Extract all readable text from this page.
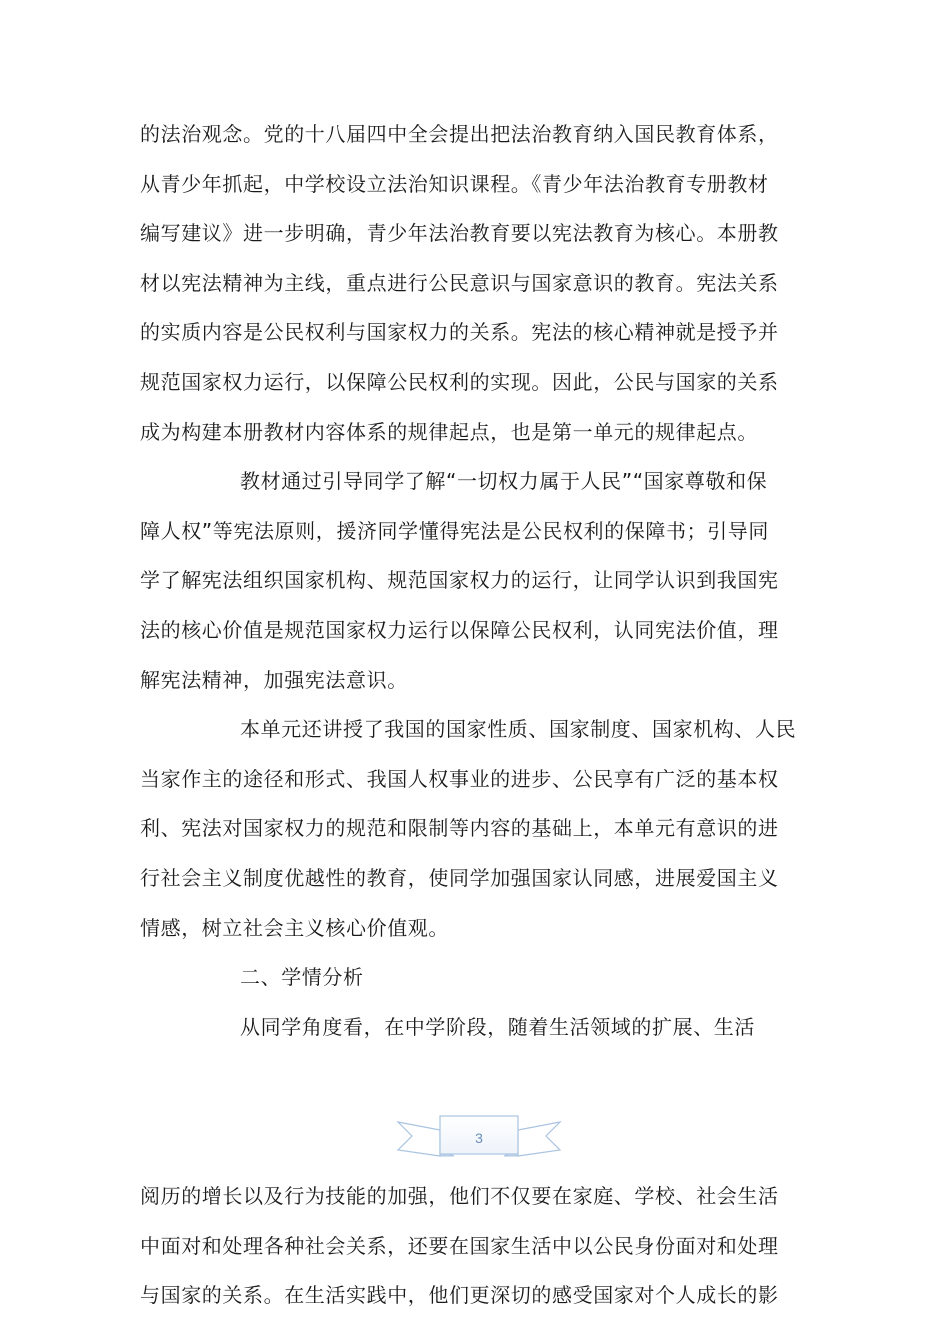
的法治观念。党的十八届四中全会提出把法治教育纳入国民教育体系，
从青少年抓起，中学校设立法治知识课程。《青少年法治教育专册教材
编写建议》进一步明确，青少年法治教育要以宪法教育为核心。本册教
材以宪法精神为主线，重点进行公民意识与国家意识的教育。宪法关系
的实质内容是公民权利与国家权力的关系。宪法的核心精神就是授予并
规范国家权力运行，以保障公民权利的实现。因此，公民与国家的关系
成为构建本册教材内容体系的规律起点，也是第一单元的规律起点。
教材通过引导同学了解“一切权力属于人民”“国家尊敬和保
障人权”等宪法原则，援济同学懂得宪法是公民权利的保障书；引导同
学了解宪法组织国家机构、规范国家权力的运行，让同学认识到我国宪
法的核心价值是规范国家权力运行以保障公民权利，认同宪法价值，理
解宪法精神，加强宪法意识。
本单元还讲授了我国的国家性质、国家制度、国家机构、人民
当家作主的途径和形式、我国人权事业的进步、公民享有广泛的基本权
利、宪法对国家权力的规范和限制等内容的基础上，本单元有意识的进
行社会主义制度优越性的教育，使同学加强国家认同感，进展爱国主义
情感，树立社会主义核心价值观。
二、学情分析
从同学角度看，在中学阶段，随着生活领域的扩展、生活
3
阅历的增长以及行为技能的加强，他们不仅要在家庭、学校、社会生活
中面对和处理各种社会关系，还要在国家生活中以公民身份面对和处理
与国家的关系。在生活实践中，他们更深切的感受国家对个人成长的影
